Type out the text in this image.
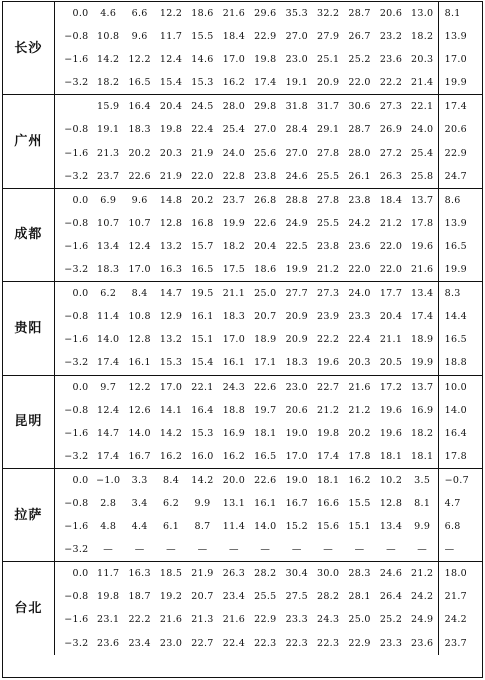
长沙	0.0	4.6	6.6	12.2	18.6	21.6	29.6	35.3	32.2	28.7	20.6	13.0	8.1
	−0.8	10.8	9.6	11.7	15.5	18.4	22.9	27.0	27.9	26.7	23.2	18.2	13.9
	−1.6	14.2	12.2	12.4	14.6	17.0	19.8	23.0	25.1	25.2	23.6	20.3	17.0
	−3.2	18.2	16.5	15.4	15.3	16.2	17.4	19.1	20.9	22.0	22.2	21.4	19.9
广州		15.9	16.4	20.4	24.5	28.0	29.8	31.8	31.7	30.6	27.3	22.1	17.4
	−0.8	19.1	18.3	19.8	22.4	25.4	27.0	28.4	29.1	28.7	26.9	24.0	20.6
	−1.6	21.3	20.2	20.3	21.9	24.0	25.6	27.0	27.8	28.0	27.2	25.4	22.9
	−3.2	23.7	22.6	21.9	22.0	22.8	23.8	24.6	25.5	26.1	26.3	25.8	24.7
成都	0.0	6.9	9.6	14.8	20.2	23.7	26.8	28.8	27.8	23.8	18.4	13.7	8.6
	−0.8	10.7	10.7	12.8	16.8	19.9	22.6	24.9	25.5	24.2	21.2	17.8	13.9
	−1.6	13.4	12.4	13.2	15.7	18.2	20.4	22.5	23.8	23.6	22.0	19.6	16.5
	−3.2	18.3	17.0	16.3	16.5	17.5	18.6	19.9	21.2	22.0	22.0	21.6	19.9
贵阳	0.0	6.2	8.4	14.7	19.5	21.1	25.0	27.7	27.3	24.0	17.7	13.4	8.3
	−0.8	11.4	10.8	12.9	16.1	18.3	20.7	20.9	23.9	23.3	20.4	17.4	14.4
	−1.6	14.0	12.8	13.2	15.1	17.0	18.9	20.9	22.2	22.4	21.1	18.9	16.5
	−3.2	17.4	16.1	15.3	15.4	16.1	17.1	18.3	19.6	20.3	20.5	19.9	18.8
昆明	0.0	9.7	12.2	17.0	22.1	24.3	22.6	23.0	22.7	21.6	17.2	13.7	10.0
	−0.8	12.4	12.6	14.1	16.4	18.8	19.7	20.6	21.2	21.2	19.6	16.9	14.0
	−1.6	14.7	14.0	14.2	15.3	16.9	18.1	19.0	19.8	20.2	19.6	18.2	16.4
	−3.2	17.4	16.7	16.2	16.0	16.2	16.5	17.0	17.4	17.8	18.1	18.1	17.8
拉萨	0.0	−1.0	3.3	8.4	14.2	20.0	22.6	19.0	18.1	16.2	10.2	3.5	−0.7
	−0.8	2.8	3.4	6.2	9.9	13.1	16.1	16.7	16.6	15.5	12.8	8.1	4.7
	−1.6	4.8	4.4	6.1	8.7	11.4	14.0	15.2	15.6	15.1	13.4	9.9	6.8
	−3.2	—	—	—	—	—	—	—	—	—	—	—	—
台北	0.0	11.7	16.3	18.5	21.9	26.3	28.2	30.4	30.0	28.3	24.6	21.2	18.0
	−0.8	19.8	18.7	19.2	20.7	23.4	25.5	27.5	28.2	28.1	26.4	24.2	21.7
	−1.6	23.1	22.2	21.6	21.3	21.6	22.9	23.3	24.3	25.0	25.2	24.9	24.2
	−3.2	23.6	23.4	23.0	22.7	22.4	22.3	22.3	22.3	22.9	23.3	23.6	23.7
